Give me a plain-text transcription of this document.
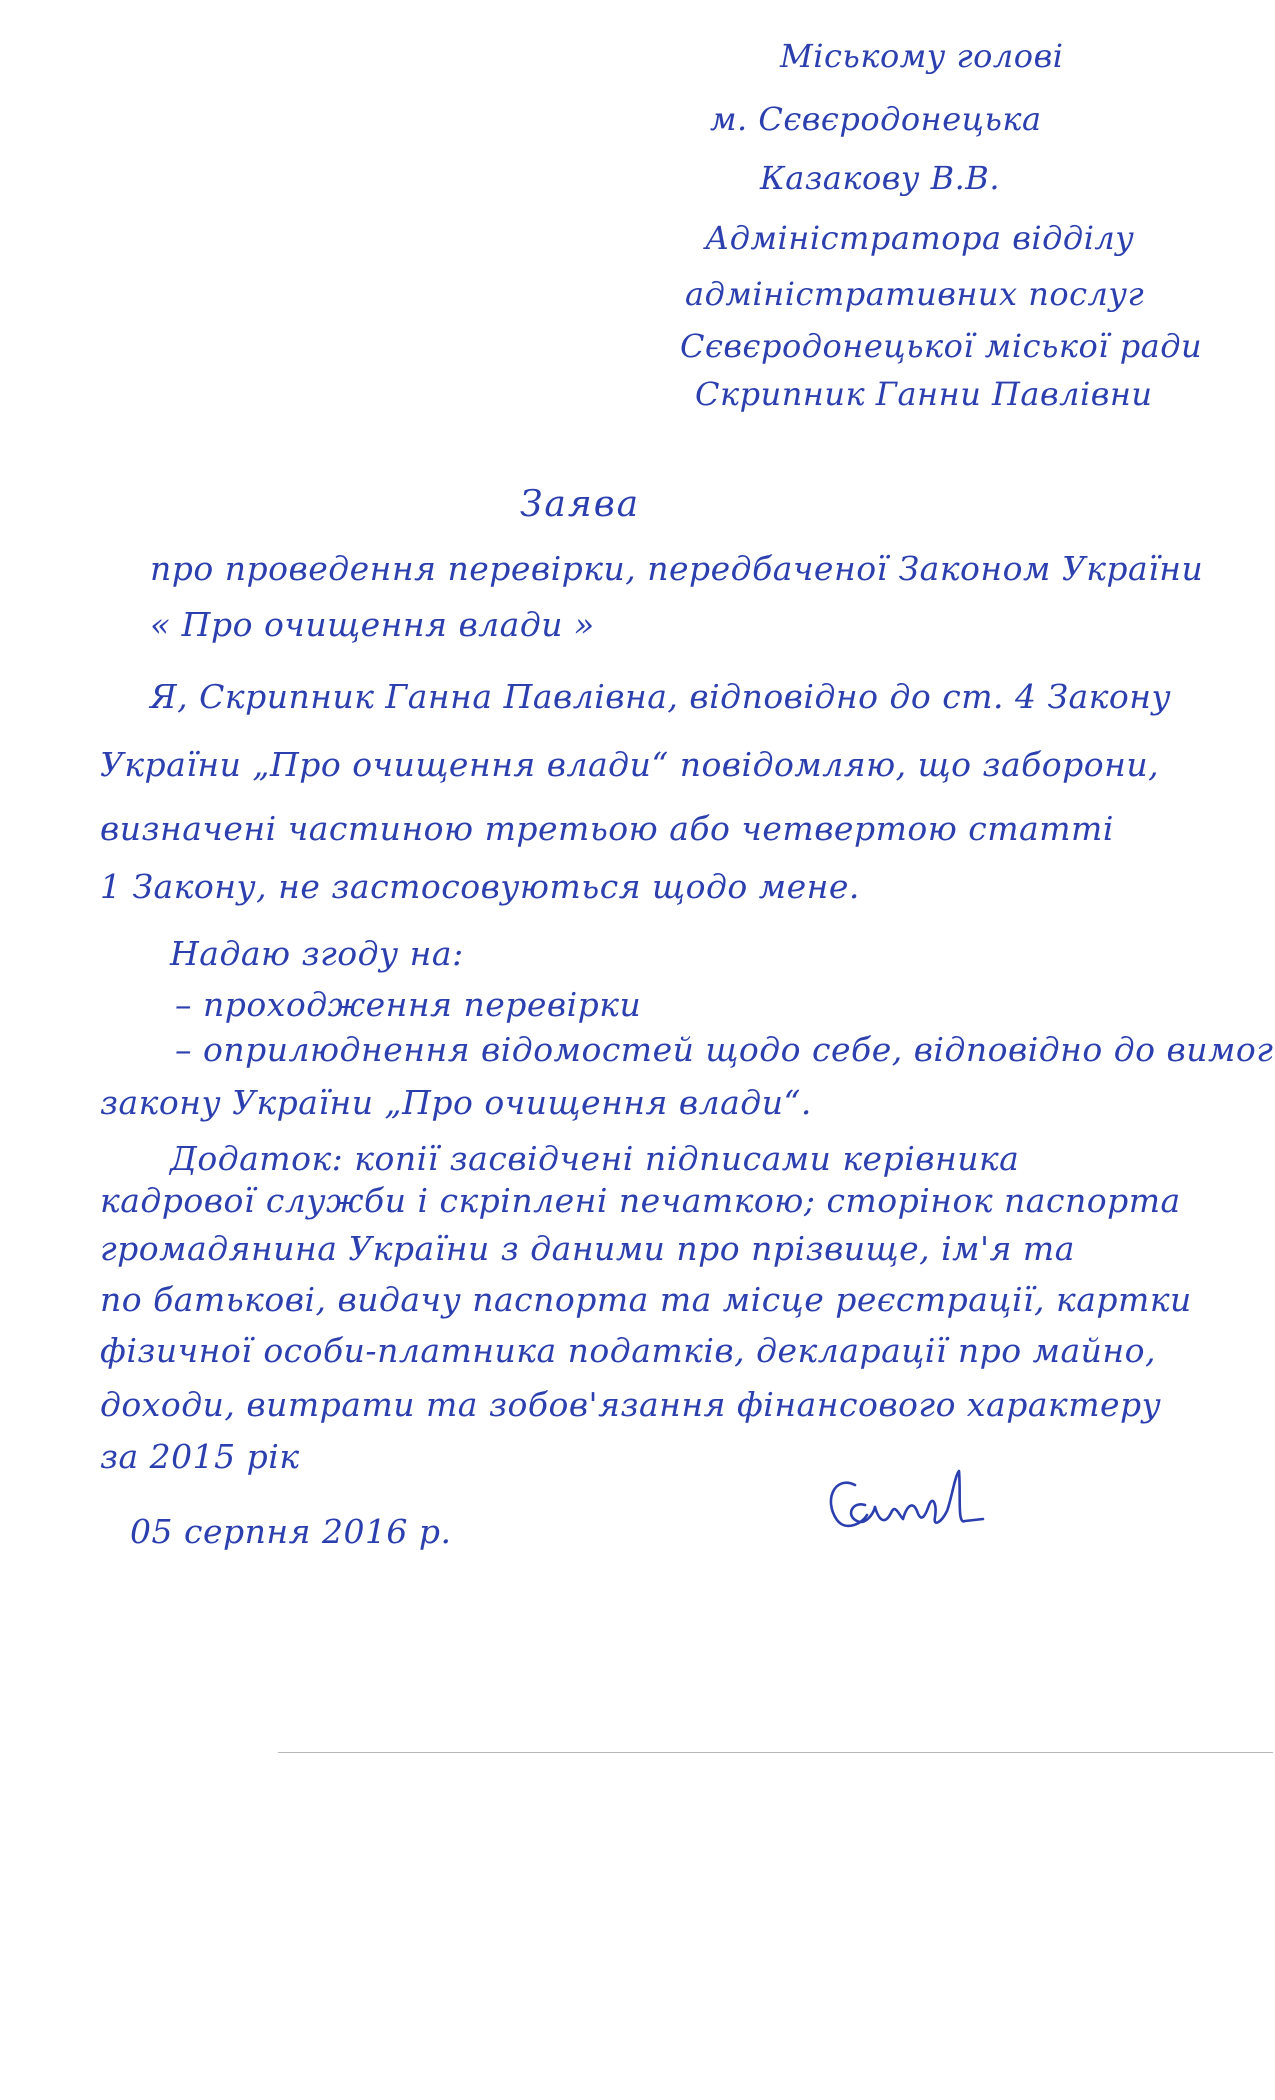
Міському голові
м. Сєвєродонецька
Казакову В.В.
Адміністратора відділу
адміністративних послуг
Сєвєродонецької міської ради
Скрипник Ганни Павлівни
Заява
про проведення перевірки, передбаченої Законом України
« Про очищення влади »
Я, Скрипник Ганна Павлівна, відповідно до ст. 4 Закону
України „Про очищення влади“ повідомляю, що заборони,
визначені частиною третьою або четвертою статті
1 Закону, не застосовуються щодо мене.
Надаю згоду на:
– проходження перевірки
– оприлюднення відомостей щодо себе, відповідно до вимог
закону України „Про очищення влади“.
Додаток: копії засвідчені підписами керівника
кадрової служби і скріплені печаткою; сторінок паспорта
громадянина України з даними про прізвище, ім'я та
по батькові, видачу паспорта та місце реєстрації, картки
фізичної особи-платника податків, декларації про майно,
доходи, витрати та зобов'язання фінансового характеру
за 2015 рік
05 серпня 2016 р.
